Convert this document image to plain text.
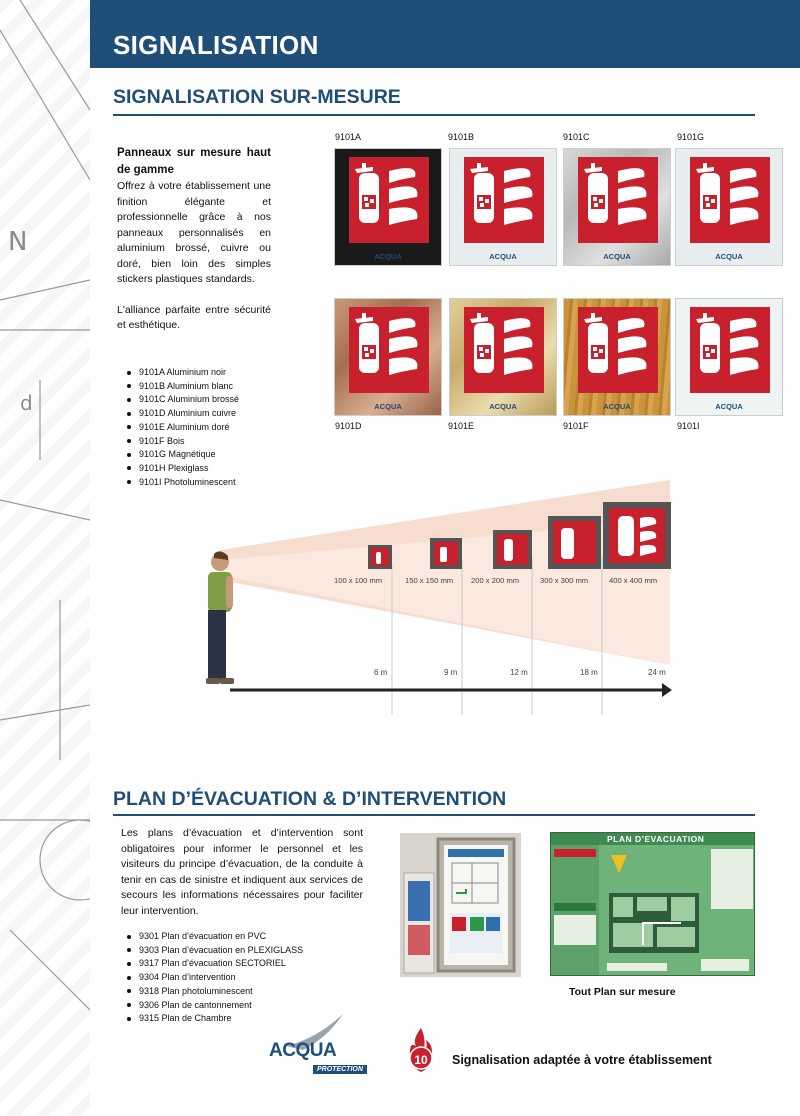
N
d
SIGNALISATION
SIGNALISATION SUR-MESURE

Panneaux sur mesure haut de gamme

Offrez à votre établissement une finition élégante et professionnelle grâce à nos panneaux personnalisés en aluminium brossé, cuivre ou doré, bien loin des simples stickers plastiques standards.

L'alliance parfaite entre sécurité et esthétique.

9101A Aluminium noir
9101B Aluminium blanc
9101C Aluminium brossé
9101D Aluminium cuivre
9101E Aluminium doré
9101F Bois
9101G Magnétique
9101H Plexiglass
9101I Photoluminescent
9101A	9101B	9101C	9101G
9101D	9101E	9101F	9101I
ACQUA	ACQUA	ACQUA	ACQUA
ACQUA	ACQUA	ACQUA	ACQUA
100 x 100 mm	150 x 150 mm 200 x 200 mm	300 x 300 mm	400 x 400 mm
6 m	9 m	12 m	18 m	24 m
PLAN D’ÉVACUATION & D’INTERVENTION

Les plans d’évacuation et d’intervention sont obligatoires pour informer le personnel et les visiteurs du principe d’évacuation, de la conduite à tenir en cas de sinistre et indiquent aux services de secours les informations nécessaires pour faciliter leur intervention.

9301 Plan d’évacuation en PVC
9303 Plan d’évacuation en PLEXIGLASS
9317 Plan d’évacuation SECTORIEL
9304 Plan d’intervention
9318 Plan photoluminescent
9306 Plan de cantonnement
9315 Plan de Chambre
PLAN D’EVACUATION
Tout Plan sur mesure
ACQUA
PROTECTION
10	Signalisation adaptée à votre établissement
